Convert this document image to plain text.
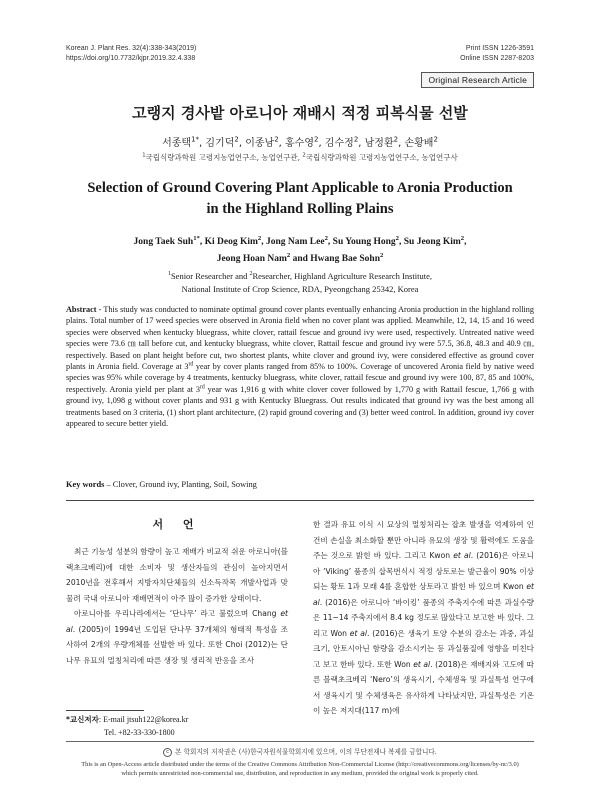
Korean J. Plant Res. 32(4):338-343(2019)
https://doi.org/10.7732/kjpr.2019.32.4.338
Print ISSN 1226-3591
Online ISSN 2287-8203
Original Research Article
고랭지 경사밭 아로니아 재배시 적정 피복식물 선발
서종택$^{1*}$, 김기덕$^2$, 이종남$^2$, 홍수영$^2$, 김수정$^2$, 남정환$^2$, 손황배$^2$
$^1$국립식량과학원 고령지농업연구소, 농업연구관, $^2$국립식량과학원 고령지농업연구소, 농업연구사
Selection of Ground Covering Plant Applicable to Aronia Production
in the Highland Rolling Plains
Jong Taek Suh$^{1*}$, Ki Deog Kim$^2$, Jong Nam Lee$^2$, Su Young Hong$^2$, Su Jeong Kim$^2$,
Jeong Hoan Nam$^2$ and Hwang Bae Sohn$^2$
$^1$Senior Researcher and $^2$Researcher, Highland Agriculture Research Institute,
National Institute of Crop Science, RDA, Pyeongchang 25342, Korea
Abstract - This study was conducted to nominate optimal ground cover plants eventually enhancing Aronia production in the highland rolling plains. Total number of 17 weed species were observed in Aronia field when no cover plant was applied. Meanwhile, 12, 14, 15 and 16 weed species were observed when kentucky bluegrass, white clover, rattail fescue and ground ivy were used, respectively. Untreated native weed species were 73.6 ㎝ tall before cut, and kentucky bluegrass, white clover, Rattail fescue and ground ivy were 57.5, 36.8, 48.3 and 40.9 ㎝, respectively. Based on plant height before cut, two shortest plants, white clover and ground ivy, were considered effective as ground cover plants in Aronia field. Coverage at 3rd year by cover plants ranged from 85% to 100%. Coverage of uncovered Aronia field by native weed species was 95% while coverage by 4 treatments, kentucky bluegrass, white clover, rattail fescue and ground ivy were 100, 87, 85 and 100%, respectively. Aronia yield per plant at 3rd year was 1,916 g with white clover cover followed by 1,770 g with Rattail fescue, 1,766 g with ground ivy, 1,098 g without cover plants and 931 g with Kentucky Bluegrass. Out results indicated that ground ivy was the best among all treatments based on 3 criteria, (1) short plant architecture, (2) rapid ground covering and (3) better weed control. In addition, ground ivy cover appeared to secure better yield.
Key words – Clover, Ground ivy, Planting, Soil, Sowing
서 언

최근 기능성 성분의 함량이 높고 재배가 비교적 쉬운 아로니아(블랙초크베리)에 대한 소비자 및 생산자들의 관심이 높아지면서 2010년을 전후해서 지방자치단체들의 신소득작목 개발사업과 맞물려 국내 아로니아 재배면적이 아주 많이 증가한 상태이다.

아로니아를 우리나라에서는 ‘단나무’ 라고 불렀으며 Chang et al. (2005)이 1994년 도입된 단나무 37개체의 형태적 특성을 조사하여 2개의 우량개체를 선발한 바 있다. 또한 Choi (2012)는 단나무 유묘의 멀칭처리에 따른 생장 및 생리적 반응을 조사

한 결과 유묘 이식 시 묘상의 멀칭처리는 잡초 발생을 억제하여 인건비 손실을 최소화할 뿐만 아니라 유묘의 생장 및 활력에도 도움을 주는 것으로 밝힌 바 있다. 그리고 Kwon et al. (2016)은 아로니아 ‘Viking’ 품종의 삽목번식시 적정 상토로는 발근율이 90% 이상되는 황토 1과 모래 4를 혼합한 상토라고 밝힌 바 있으며 Kwon et al. (2016)은 아로니아 ‘바이킹’ 품종의 주축지수에 따른 과실수량은 11~14 주축지에서 8.4 kg 정도로 많았다고 보고한 바 있다. 그리고 Won et al. (2016)은 생육기 토양 수분의 감소는 과중, 과실 크기, 안토시아닌 함량을 감소시키는 등 과실품질에 영향을 미친다고 보고 한바 있다. 또한 Won et al. (2018)은 재배지와 고도에 따른 블랙초크베리 ‘Nero’의 생육시기, 수체생육 및 과실특성 연구에서 생육시기 및 수체생육은 유사하게 나타났지만, 과실특성은 기온이 높은 저지대(117 m)에

*교신저자: E-mail jtsuh122@korea.kr
Tel. +82-33-330-1800
c 본 학회지의 저작권은 (사)한국자원식물학회지에 있으며, 이의 무단전재나 복제를 금합니다.
This is an Open-Access article distributed under the terms of the Creative Commons Attribution Non-Commercial License (http://creativecommons.org/licenses/by-nc/3.0)
which permits unrestricted non-commercial use, distribution, and reproduction in any medium, provided the original work is properly cited.
